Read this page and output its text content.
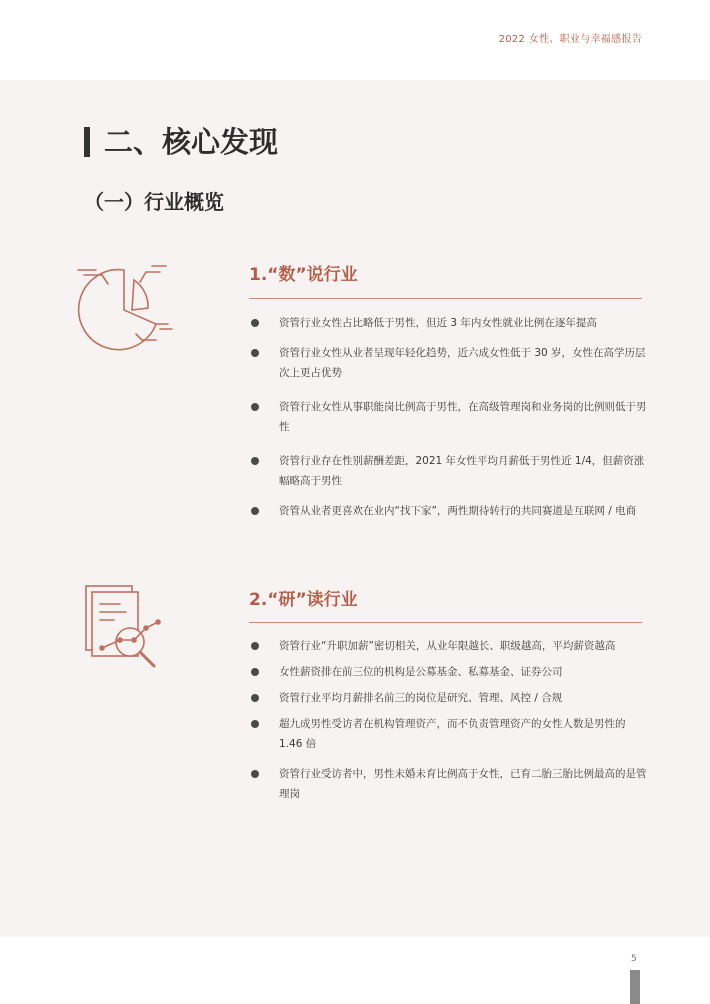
2022 女性、职业与幸福感报告
二、核心发现
（一）行业概览
1.“数”说行业
资管行业女性占比略低于男性，但近 3 年内女性就业比例在逐年提高
资管行业女性从业者呈现年轻化趋势，近六成女性低于 30 岁，女性在高学历层次上更占优势
资管行业女性从事职能岗比例高于男性，在高级管理岗和业务岗的比例则低于男性
资管行业存在性别薪酬差距，2021 年女性平均月薪低于男性近 1/4，但薪资涨幅略高于男性
资管从业者更喜欢在业内“找下家”，两性期待转行的共同赛道是互联网 / 电商
2.“研”读行业
资管行业“升职加薪”密切相关，从业年限越长、职级越高，平均薪资越高
女性薪资排在前三位的机构是公募基金、私募基金、证券公司
资管行业平均月薪排名前三的岗位是研究、管理、风控 / 合规
超九成男性受访者在机构管理资产，而不负责管理资产的女性人数是男性的 1.46 倍
资管行业受访者中，男性未婚未育比例高于女性，已育二胎三胎比例最高的是管理岗
5
